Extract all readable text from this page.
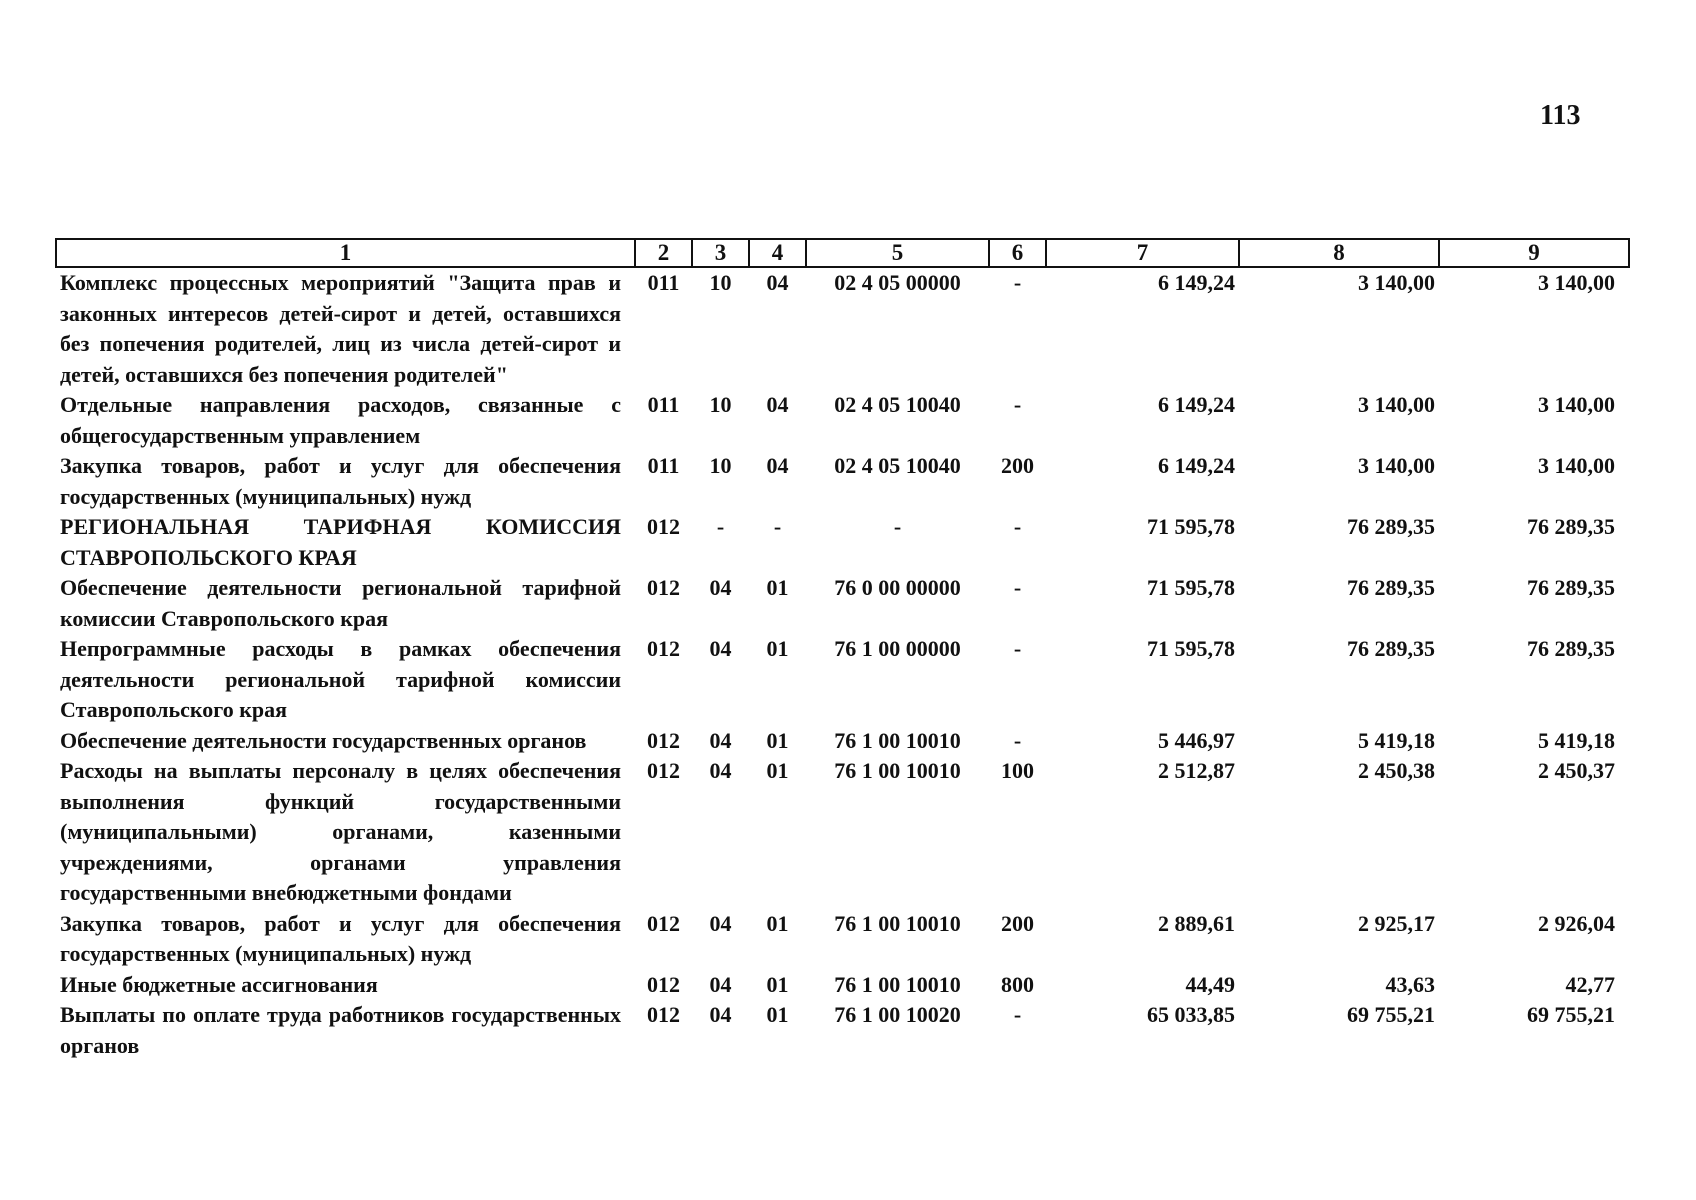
113
1	2	3	4	5	6	7	8	9
Комплекс процессных мероприятий "Защита прав и законных интересов детей-сирот и детей, оставшихся без попечения родителей, лиц из числа детей-сирот и детей, оставшихся без попечения родителей"	011	10	04	02 4 05 00000	-	6 149,24	3 140,00	3 140,00
Отдельные направления расходов, связанные с общегосударственным управлением	011	10	04	02 4 05 10040	-	6 149,24	3 140,00	3 140,00
Закупка товаров, работ и услуг для обеспечения государственных (муниципальных) нужд	011	10	04	02 4 05 10040	200	6 149,24	3 140,00	3 140,00
РЕГИОНАЛЬНАЯ ТАРИФНАЯ КОМИССИЯ СТАВРОПОЛЬСКОГО КРАЯ	012	-	-	-	-	71 595,78	76 289,35	76 289,35
Обеспечение деятельности региональной тарифной комиссии Ставропольского края	012	04	01	76 0 00 00000	-	71 595,78	76 289,35	76 289,35
Непрограммные расходы в рамках обеспечения деятельности региональной тарифной комиссии Ставропольского края	012	04	01	76 1 00 00000	-	71 595,78	76 289,35	76 289,35
Обеспечение деятельности государственных органов	012	04	01	76 1 00 10010	-	5 446,97	5 419,18	5 419,18
Расходы на выплаты персоналу в целях обеспечения выполнения функций государственными (муниципальными) органами, казенными учреждениями, органами управления государственными внебюджетными фондами	012	04	01	76 1 00 10010	100	2 512,87	2 450,38	2 450,37
Закупка товаров, работ и услуг для обеспечения государственных (муниципальных) нужд	012	04	01	76 1 00 10010	200	2 889,61	2 925,17	2 926,04
Иные бюджетные ассигнования	012	04	01	76 1 00 10010	800	44,49	43,63	42,77
Выплаты по оплате труда работников государственных органов	012	04	01	76 1 00 10020	-	65 033,85	69 755,21	69 755,21
